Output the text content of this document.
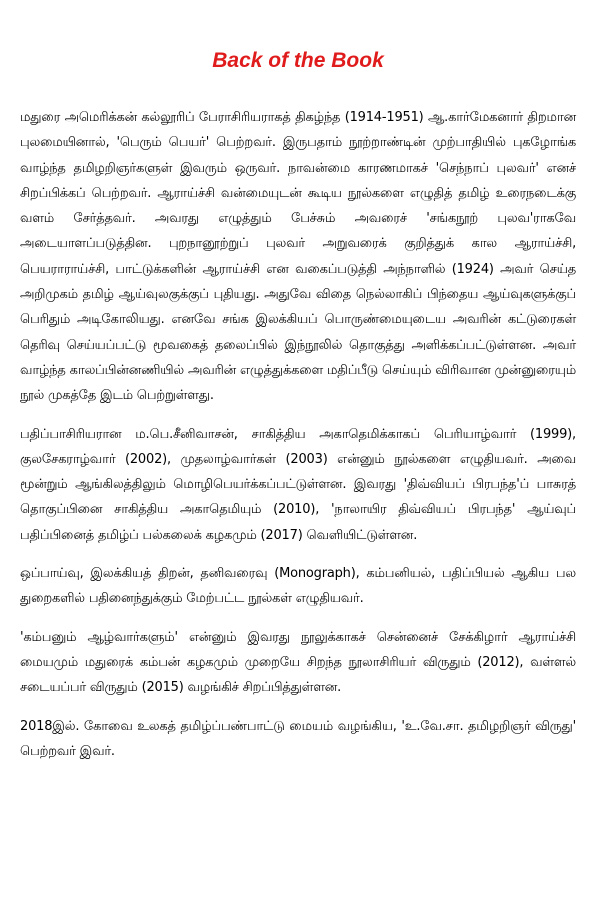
Back of the Book

மதுரை அமெரிக்கன் கல்லூரிப் பேராசிரியராகத் திகழ்ந்த (1914-1951) ஆ.கார்மேகனார் திறமான புலமையினால், 'பெரும் பெயர்' பெற்றவர். இருபதாம் நூற்றாண்டின் முற்பாதியில் புகழோங்க வாழ்ந்த தமிழறிஞர்களுள் இவரும் ஒருவர். நாவன்மை காரணமாகச் 'செந்நாப் புலவர்' எனச் சிறப்பிக்கப் பெற்றவர். ஆராய்ச்சி வன்மையுடன் கூடிய நூல்களை எழுதித் தமிழ் உரைநடைக்கு வளம் சேர்த்தவர். அவரது எழுத்தும் பேச்சும் அவரைச் 'சங்கநூற் புலவ'ராகவே அடையாளப்படுத்தின. புறநானூற்றுப் புலவர் அறுவரைக் குறித்துக் கால ஆராய்ச்சி, பெயராராய்ச்சி, பாட்டுக்களின் ஆராய்ச்சி என வகைப்படுத்தி அந்நாளில் (1924) அவர் செய்த அறிமுகம் தமிழ் ஆய்வுலகுக்குப் புதியது. அதுவே விதை நெல்லாகிப் பிந்தைய ஆய்வுகளுக்குப் பெரிதும் அடிகோலியது. எனவே சங்க இலக்கியப் பொருண்மையுடைய அவரின் கட்டுரைகள் தெரிவு செய்யப்பட்டு மூவகைத் தலைப்பில் இந்நூலில் தொகுத்து அளிக்கப்பட்டுள்ளன. அவர் வாழ்ந்த காலப்பின்னணியில் அவரின் எழுத்துக்களை மதிப்பீடு செய்யும் விரிவான முன்னுரையும் நூல் முகத்தே இடம் பெற்றுள்ளது.

பதிப்பாசிரியரான ம.பெ.சீனிவாசன், சாகித்திய அகாதெமிக்காகப் பெரியாழ்வார் (1999), குலசேகராழ்வார் (2002), முதலாழ்வார்கள் (2003) என்னும் நூல்களை எழுதியவர். அவை மூன்றும் ஆங்கிலத்திலும் மொழிபெயர்க்கப்பட்டுள்ளன. இவரது 'திவ்வியப் பிரபந்த'ப் பாசுரத் தொகுப்பினை சாகித்திய அகாதெமியும் (2010), 'நாலாயிர திவ்வியப் பிரபந்த' ஆய்வுப் பதிப்பினைத் தமிழ்ப் பல்கலைக் கழகமும் (2017) வெளியிட்டுள்ளன.

ஒப்பாய்வு, இலக்கியத் திறன், தனிவரைவு (Monograph), கம்பனியல், பதிப்பியல் ஆகிய பல துறைகளில் பதினைந்துக்கும் மேற்பட்ட நூல்கள் எழுதியவர்.

'கம்பனும் ஆழ்வார்களும்' என்னும் இவரது நூலுக்காகச் சென்னைச் சேக்கிழார் ஆராய்ச்சி மையமும் மதுரைக் கம்பன் கழகமும் முறையே சிறந்த நூலாசிரியர் விருதும் (2012), வள்ளல் சடையப்பர் விருதும் (2015) வழங்கிச் சிறப்பித்துள்ளன.

2018இல். கோவை உலகத் தமிழ்ப்பண்பாட்டு மையம் வழங்கிய, 'உ.வே.சா. தமிழறிஞர் விருது' பெற்றவர் இவர்.
